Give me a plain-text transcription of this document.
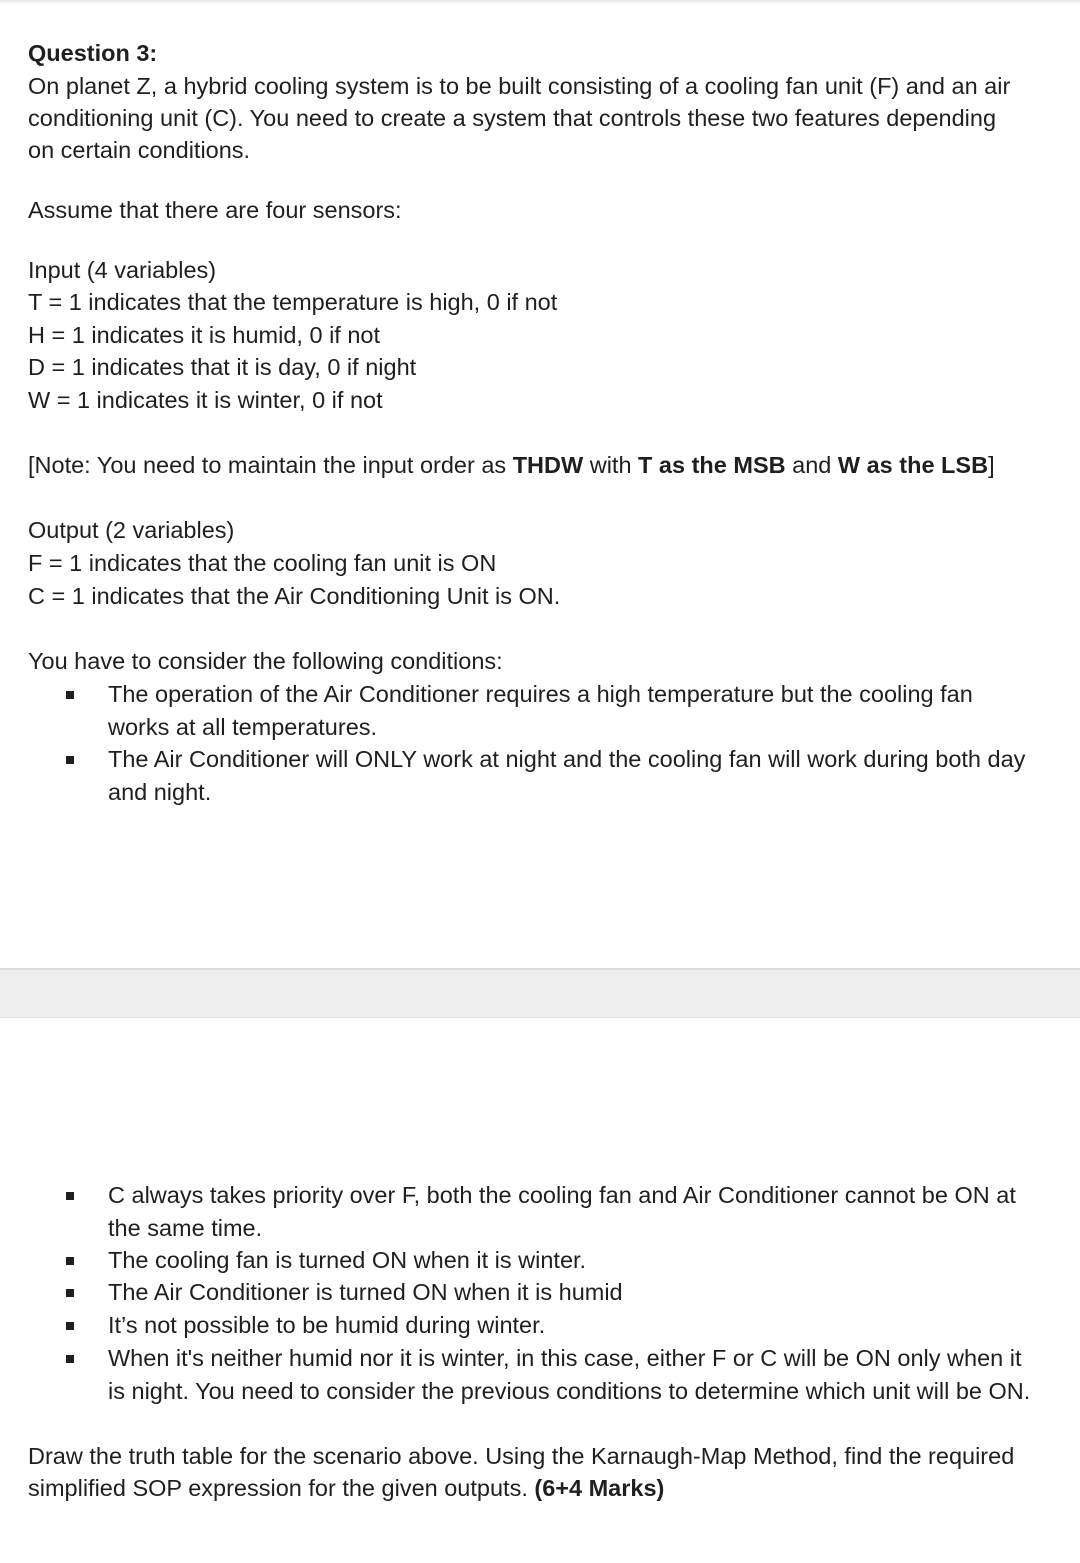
Question 3:
On planet Z, a hybrid cooling system is to be built consisting of a cooling fan unit (F) and an air
conditioning unit (C). You need to create a system that controls these two features depending
on certain conditions.
Assume that there are four sensors:
Input (4 variables)
T = 1 indicates that the temperature is high, 0 if not
H = 1 indicates it is humid, 0 if not
D = 1 indicates that it is day, 0 if night
W = 1 indicates it is winter, 0 if not
[Note: You need to maintain the input order as THDW with T as the MSB and W as the LSB]
Output (2 variables)
F = 1 indicates that the cooling fan unit is ON
C = 1 indicates that the Air Conditioning Unit is ON.
You have to consider the following conditions:
The operation of the Air Conditioner requires a high temperature but the cooling fan
works at all temperatures.
The Air Conditioner will ONLY work at night and the cooling fan will work during both day
and night.
C always takes priority over F, both the cooling fan and Air Conditioner cannot be ON at
the same time.
The cooling fan is turned ON when it is winter.
The Air Conditioner is turned ON when it is humid
It’s not possible to be humid during winter.
When it's neither humid nor it is winter, in this case, either F or C will be ON only when it
is night. You need to consider the previous conditions to determine which unit will be ON.
Draw the truth table for the scenario above. Using the Karnaugh-Map Method, find the required
simplified SOP expression for the given outputs. (6+4 Marks)
